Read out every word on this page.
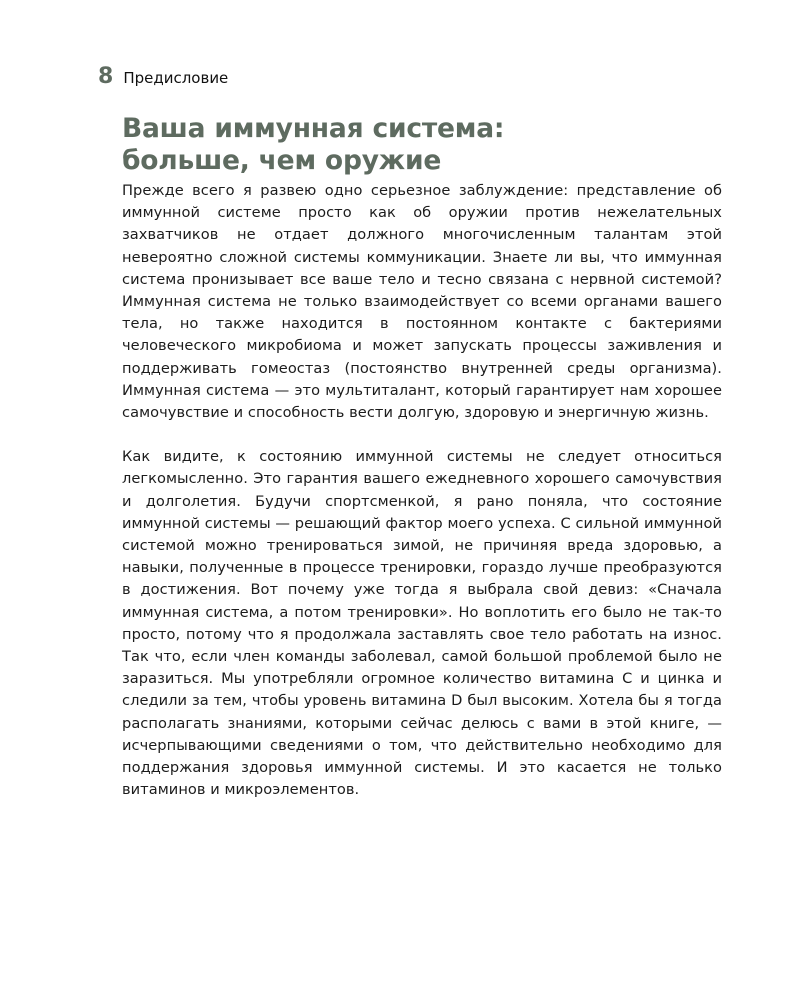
8 Предисловие
Ваша иммунная система:
больше, чем оружие

Прежде всего я развею одно серьезное заблуждение: представление об иммунной системе просто как об оружии против нежелательных захватчиков не отдает должного многочисленным талантам этой невероятно сложной системы коммуникации. Знаете ли вы, что иммунная система пронизывает все ваше тело и тесно связана с нервной системой? Иммунная система не только взаимодействует со всеми органами вашего тела, но также находится в постоянном контакте с бактериями человеческого микробиома и может запускать процессы заживления и поддерживать гомеостаз (постоянство внутренней среды организма). Иммунная система — это мультиталант, который гарантирует нам хорошее самочувствие и способность вести долгую, здоровую и энергичную жизнь.

Как видите, к состоянию иммунной системы не следует относиться легкомысленно. Это гарантия вашего ежедневного хорошего самочувствия и долголетия. Будучи спортсменкой, я рано поняла, что состояние иммунной системы — решающий фактор моего успеха. С сильной иммунной системой можно тренироваться зимой, не причиняя вреда здоровью, а навыки, полученные в процессе тренировки, гораздо лучше преобразуются в достижения. Вот почему уже тогда я выбрала свой девиз: «Сначала иммунная система, а потом тренировки». Но воплотить его было не так-то просто, потому что я продолжала заставлять свое тело работать на износ. Так что, если член команды заболевал, самой большой проблемой было не заразиться. Мы употребляли огромное количество витамина C и цинка и следили за тем, чтобы уровень витамина D был высоким. Хотела бы я тогда располагать знаниями, которыми сейчас делюсь с вами в этой книге, — исчерпывающими сведениями о том, что действительно необходимо для поддержания здоровья иммунной системы. И это касается не только витаминов и микроэлементов.
